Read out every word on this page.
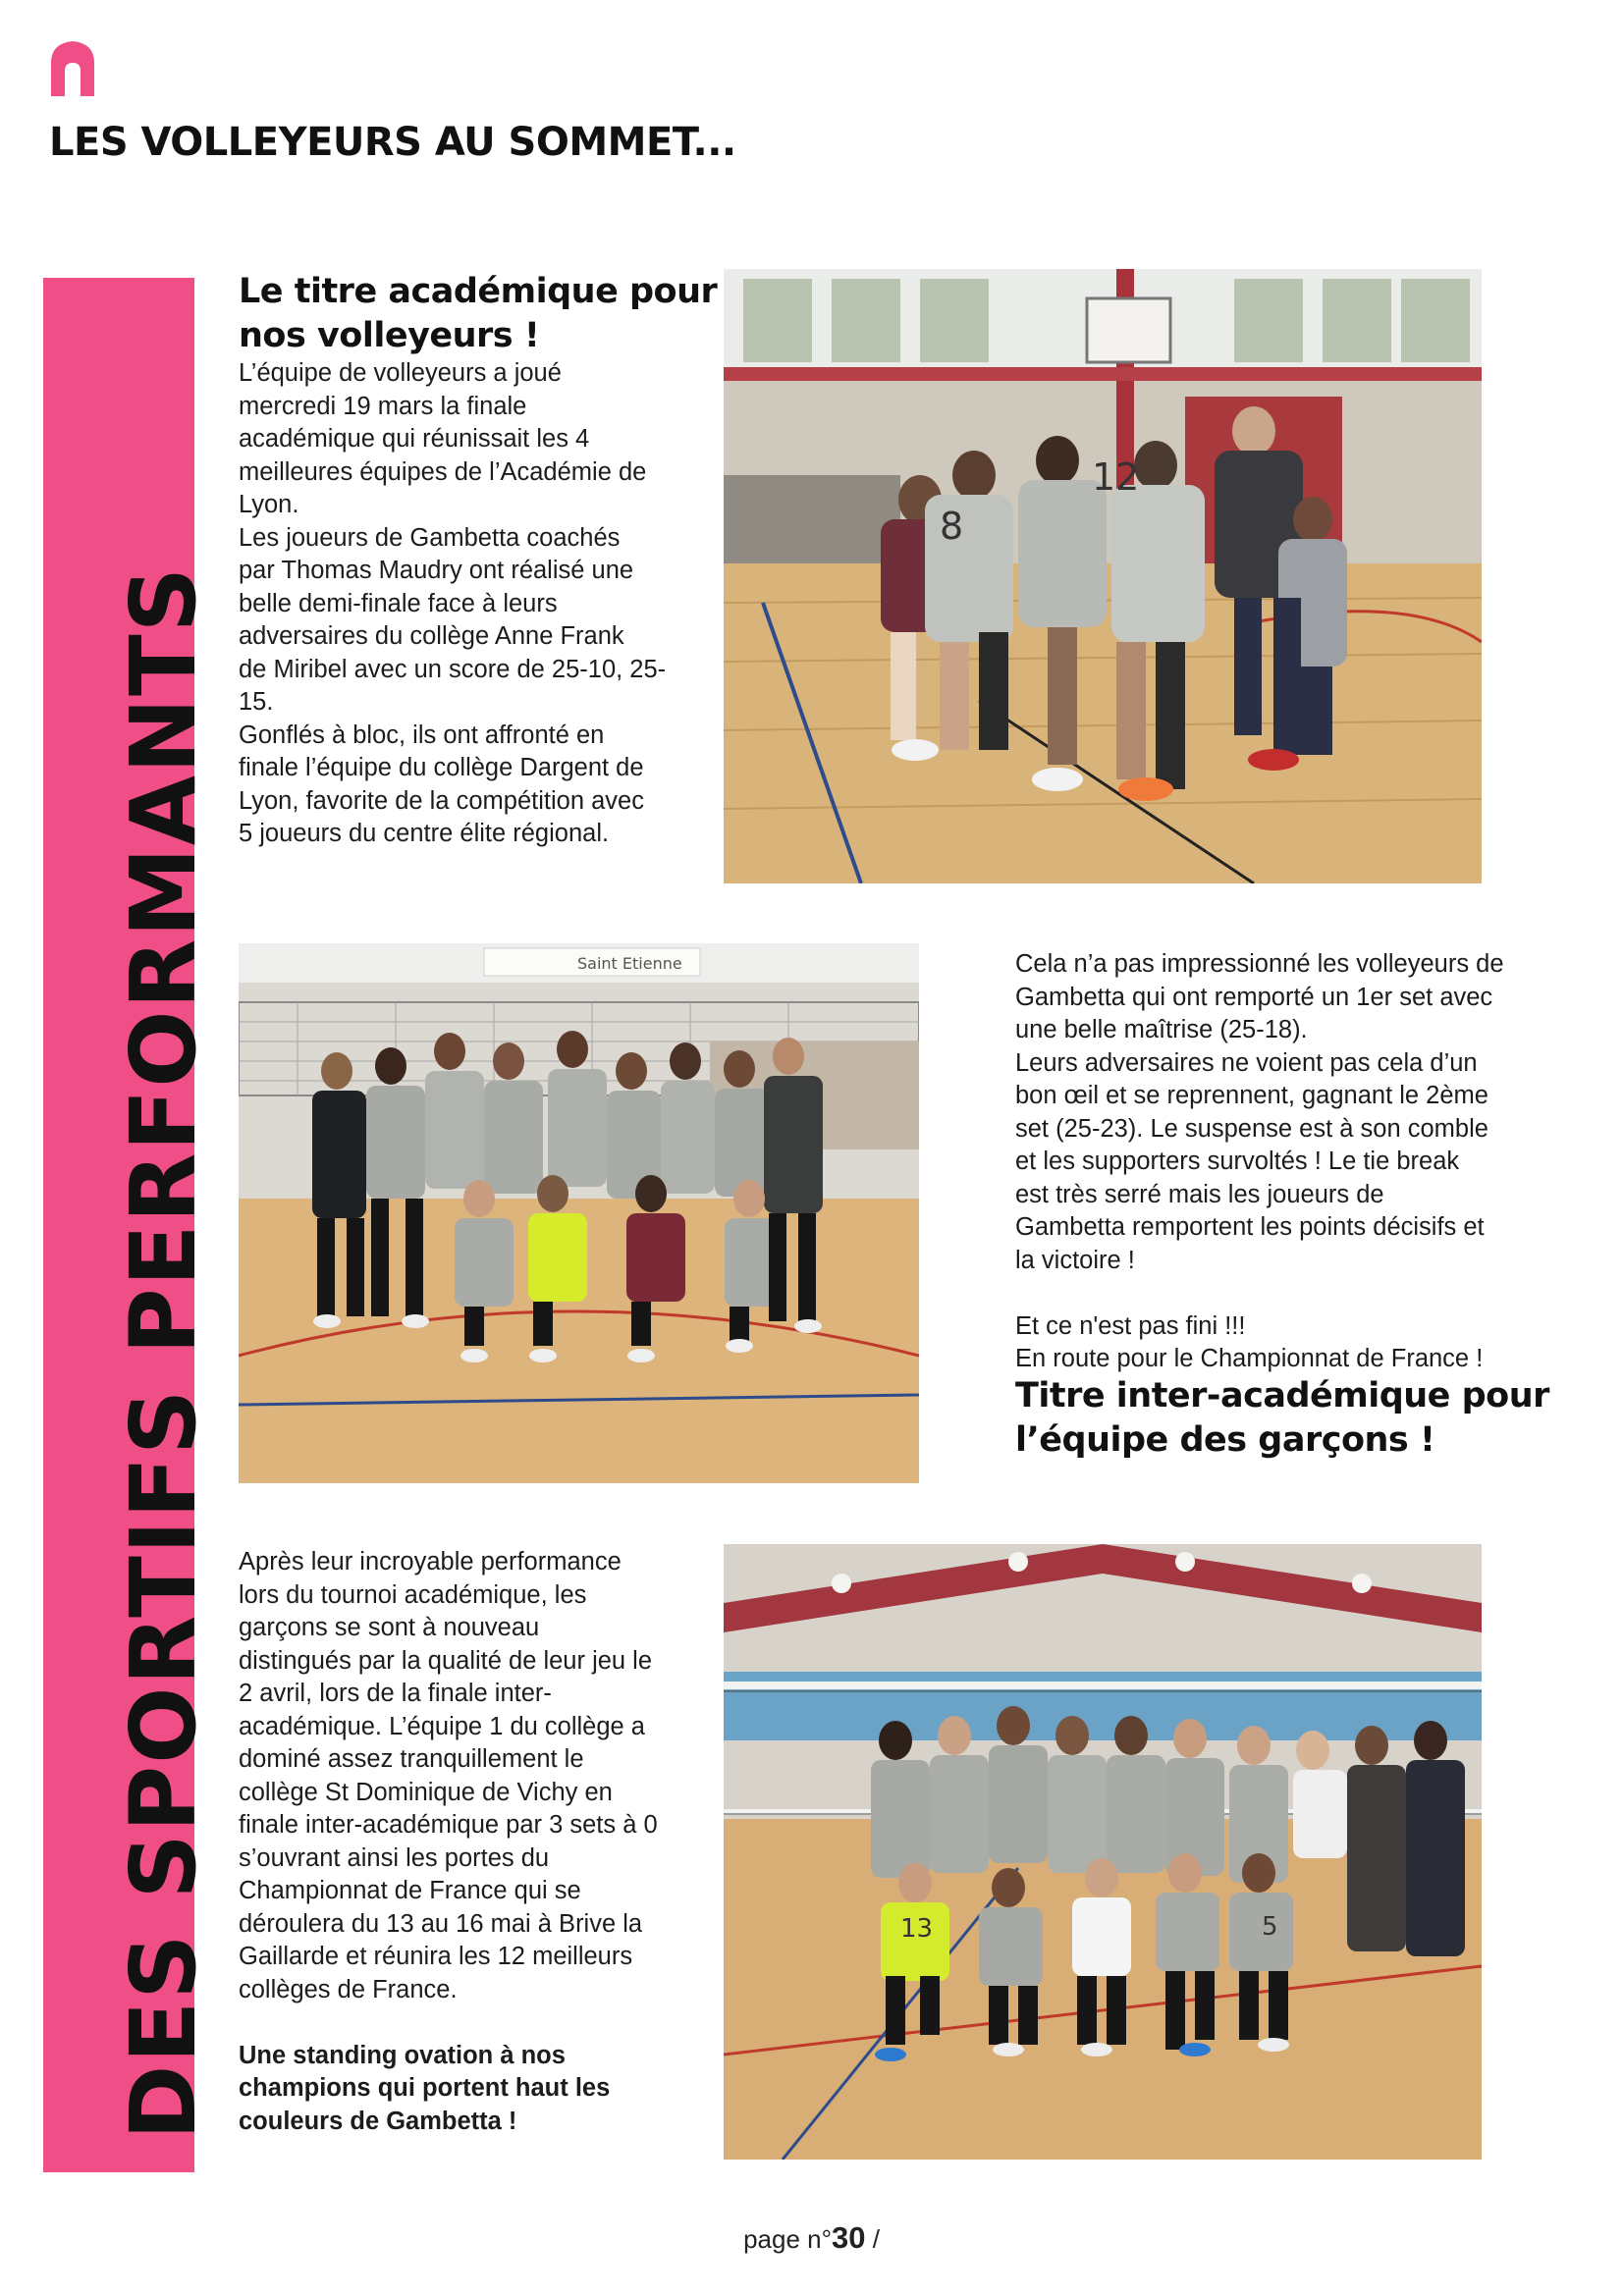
LES VOLLEYEURS AU SOMMET...
DES SPORTIFS PERFORMANTS
Le titre académique pour
nos volleyeurs !

L’équipe de volleyeurs a joué

mercredi 19 mars la finale

académique qui réunissait les 4

meilleures équipes de l’Académie de

Lyon.

Les joueurs de Gambetta coachés

par Thomas Maudry ont réalisé une

belle demi-finale face à leurs

adversaires du collège Anne Frank

de Miribel avec un score de 25-10, 25-

15.

Gonflés à bloc, ils ont affronté en

finale l’équipe du collège Dargent de

Lyon, favorite de la compétition avec

5 joueurs du centre élite régional.

8
12
Saint Etienne	Cela n’a pas impressionné les volleyeurs de

Gambetta qui ont remporté un 1er set avec

une belle maîtrise (25-18).

Leurs adversaires ne voient pas cela d’un

bon œil et se reprennent, gagnant le 2ème

set (25-23). Le suspense est à son comble

et les supporters survoltés ! Le tie break

est très serré mais les joueurs de

Gambetta remportent les points décisifs et

la victoire !

Et ce n'est pas fini !!!

En route pour le Championnat de France !

Titre inter-académique pour
l’équipe des garçons !

Après leur incroyable performance

lors du tournoi académique, les

garçons se sont à nouveau

distingués par la qualité de leur jeu le

2 avril, lors de la finale inter-

académique. L’équipe 1 du collège a

dominé assez tranquillement le

collège St Dominique de Vichy en

finale inter-académique par 3 sets à 0

s’ouvrant ainsi les portes du

Championnat de France qui se

déroulera du 13 au 16 mai à Brive la

Gaillarde et réunira les 12 meilleurs

collèges de France.

Une standing ovation à nos

champions qui portent haut les

couleurs de Gambetta !

13	5
page n°30 /
